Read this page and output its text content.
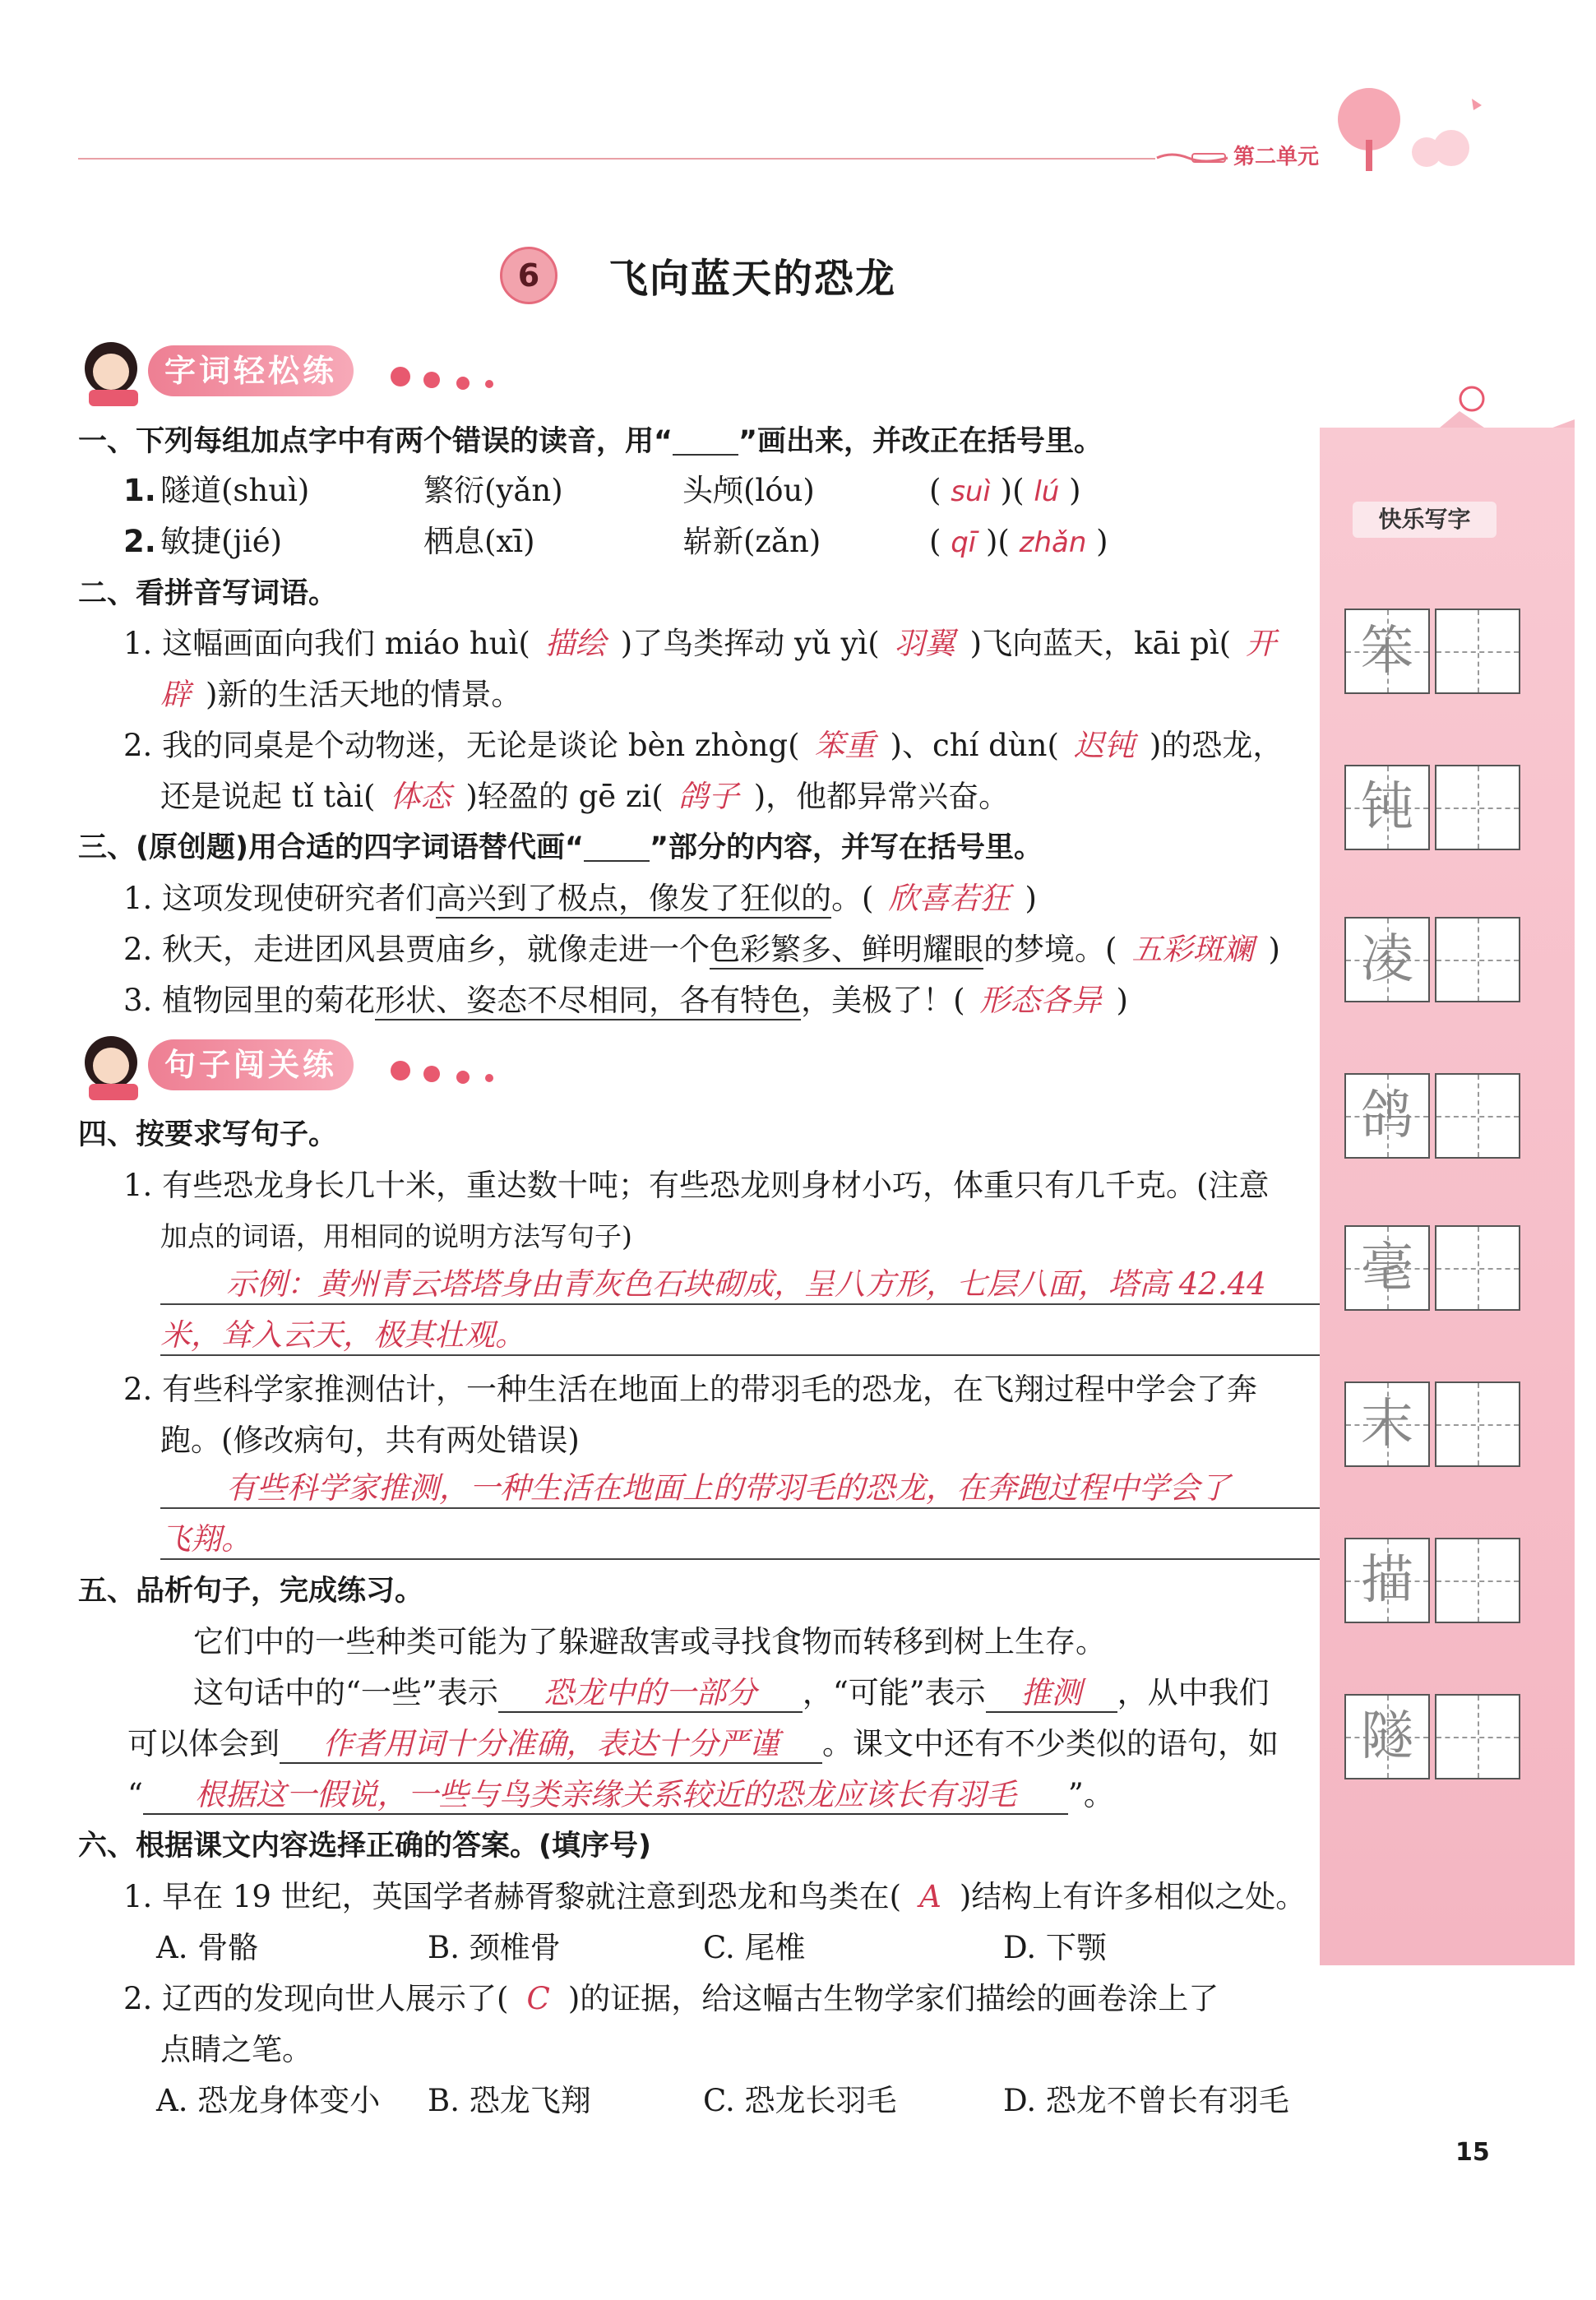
第二单元
6	飞向蓝天的恐龙
字词轻松练
一、下列每组加点字中有两个错误的读音，用“ ”画出来，并改正在括号里。
1. 隧道(shuì)	繁衍(yǎn)	头颅(lóu)	( suì )( lú )
2. 敏捷(jié)	栖息(xī)	崭新(zǎn)	( qī )( zhǎn )
二、看拼音写词语。
1. 这幅画面向我们 miáo huì( 描绘 )了鸟类挥动 yǔ yì( 羽翼 )飞向蓝天，kāi pì( 开
辟 )新的生活天地的情景。
2. 我的同桌是个动物迷，无论是谈论 bèn zhòng( 笨重 )、chí dùn( 迟钝 )的恐龙，
还是说起 tǐ tài( 体态 )轻盈的 gē zi( 鸽子 )，他都异常兴奋。
三、(原创题)用合适的四字词语替代画“ ”部分的内容，并写在括号里。
1. 这项发现使研究者们高兴到了极点，像发了狂似的。( 欣喜若狂 )
2. 秋天，走进团风县贾庙乡，就像走进一个色彩繁多、鲜明耀眼的梦境。( 五彩斑斓 )
3. 植物园里的菊花形状、姿态不尽相同，各有特色，美极了！( 形态各异 )
句子闯关练
四、按要求写句子。
1. 有些恐龙身长几十米，重达数十吨；有些恐龙则身材小巧，体重只有几千克。(注意
加点的词语，用相同的说明方法写句子)
示例：黄州青云塔塔身由青灰色石块砌成，呈八方形，七层八面，塔高 42.44
米，耸入云天，极其壮观。
2. 有些科学家推测估计，一种生活在地面上的带羽毛的恐龙，在飞翔过程中学会了奔
跑。(修改病句，共有两处错误)
有些科学家推测，一种生活在地面上的带羽毛的恐龙，在奔跑过程中学会了
飞翔。
五、品析句子，完成练习。
它们中的一些种类可能为了躲避敌害或寻找食物而转移到树上生存。
这句话中的“一些”表示 恐龙中的一部分 ，“可能”表示 推测 ，从中我们
可以体会到 作者用词十分准确，表达十分严谨 。课文中还有不少类似的语句，如
“ 根据这一假说，一些与鸟类亲缘关系较近的恐龙应该长有羽毛 ”。
六、根据课文内容选择正确的答案。(填序号)
1. 早在 19 世纪，英国学者赫胥黎就注意到恐龙和鸟类在( A )结构上有许多相似之处。
A. 骨骼	B. 颈椎骨	C. 尾椎	D. 下颚
2. 辽西的发现向世人展示了( C )的证据，给这幅古生物学家们描绘的画卷涂上了
点睛之笔。
A. 恐龙身体变小 B. 恐龙飞翔	C. 恐龙长羽毛	D. 恐龙不曾长有羽毛
快乐写字
笨
钝
凌
鸽
毫
末
描
隧
15
